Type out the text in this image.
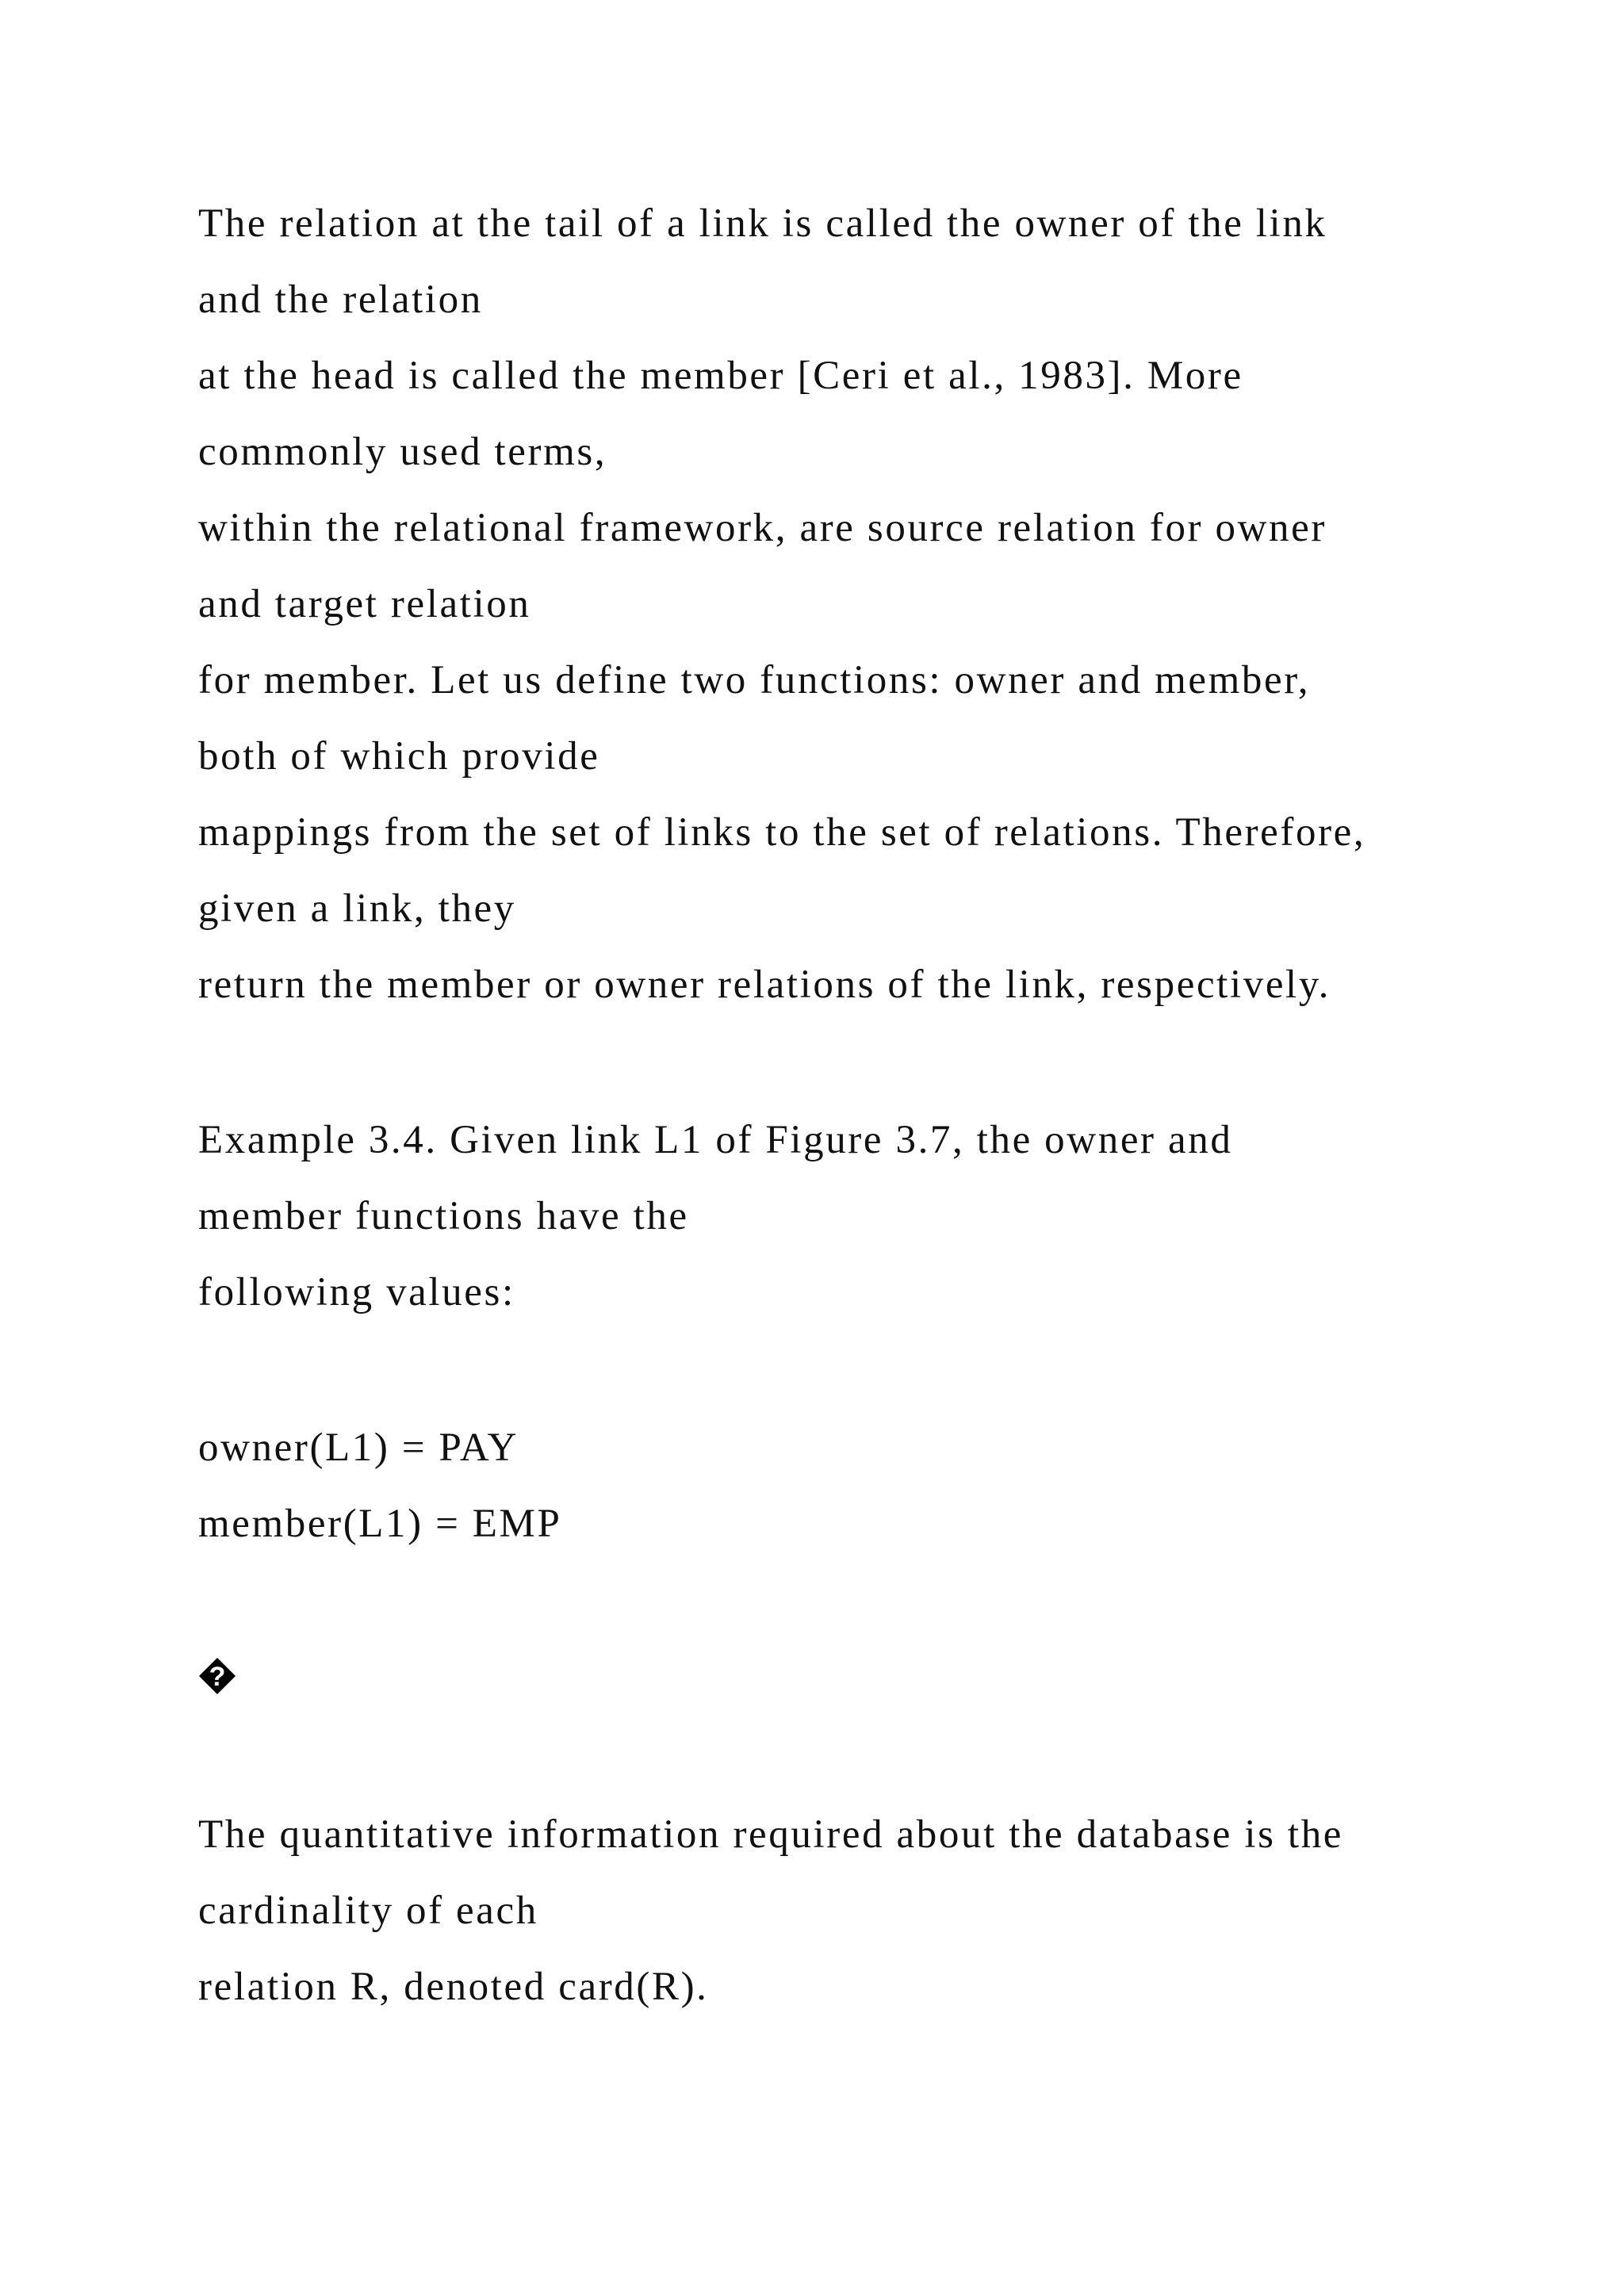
The relation at the tail of a link is called the owner of the link
and the relation
at the head is called the member [Ceri et al., 1983]. More
commonly used terms,
within the relational framework, are source relation for owner
and target relation
for member. Let us define two functions: owner and member,
both of which provide
mappings from the set of links to the set of relations. Therefore,
given a link, they
return the member or owner relations of the link, respectively.
Example 3.4. Given link L1 of Figure 3.7, the owner and
member functions have the
following values:
owner(L1) = PAY
member(L1) = EMP
?
The quantitative information required about the database is the
cardinality of each
relation R, denoted card(R).
